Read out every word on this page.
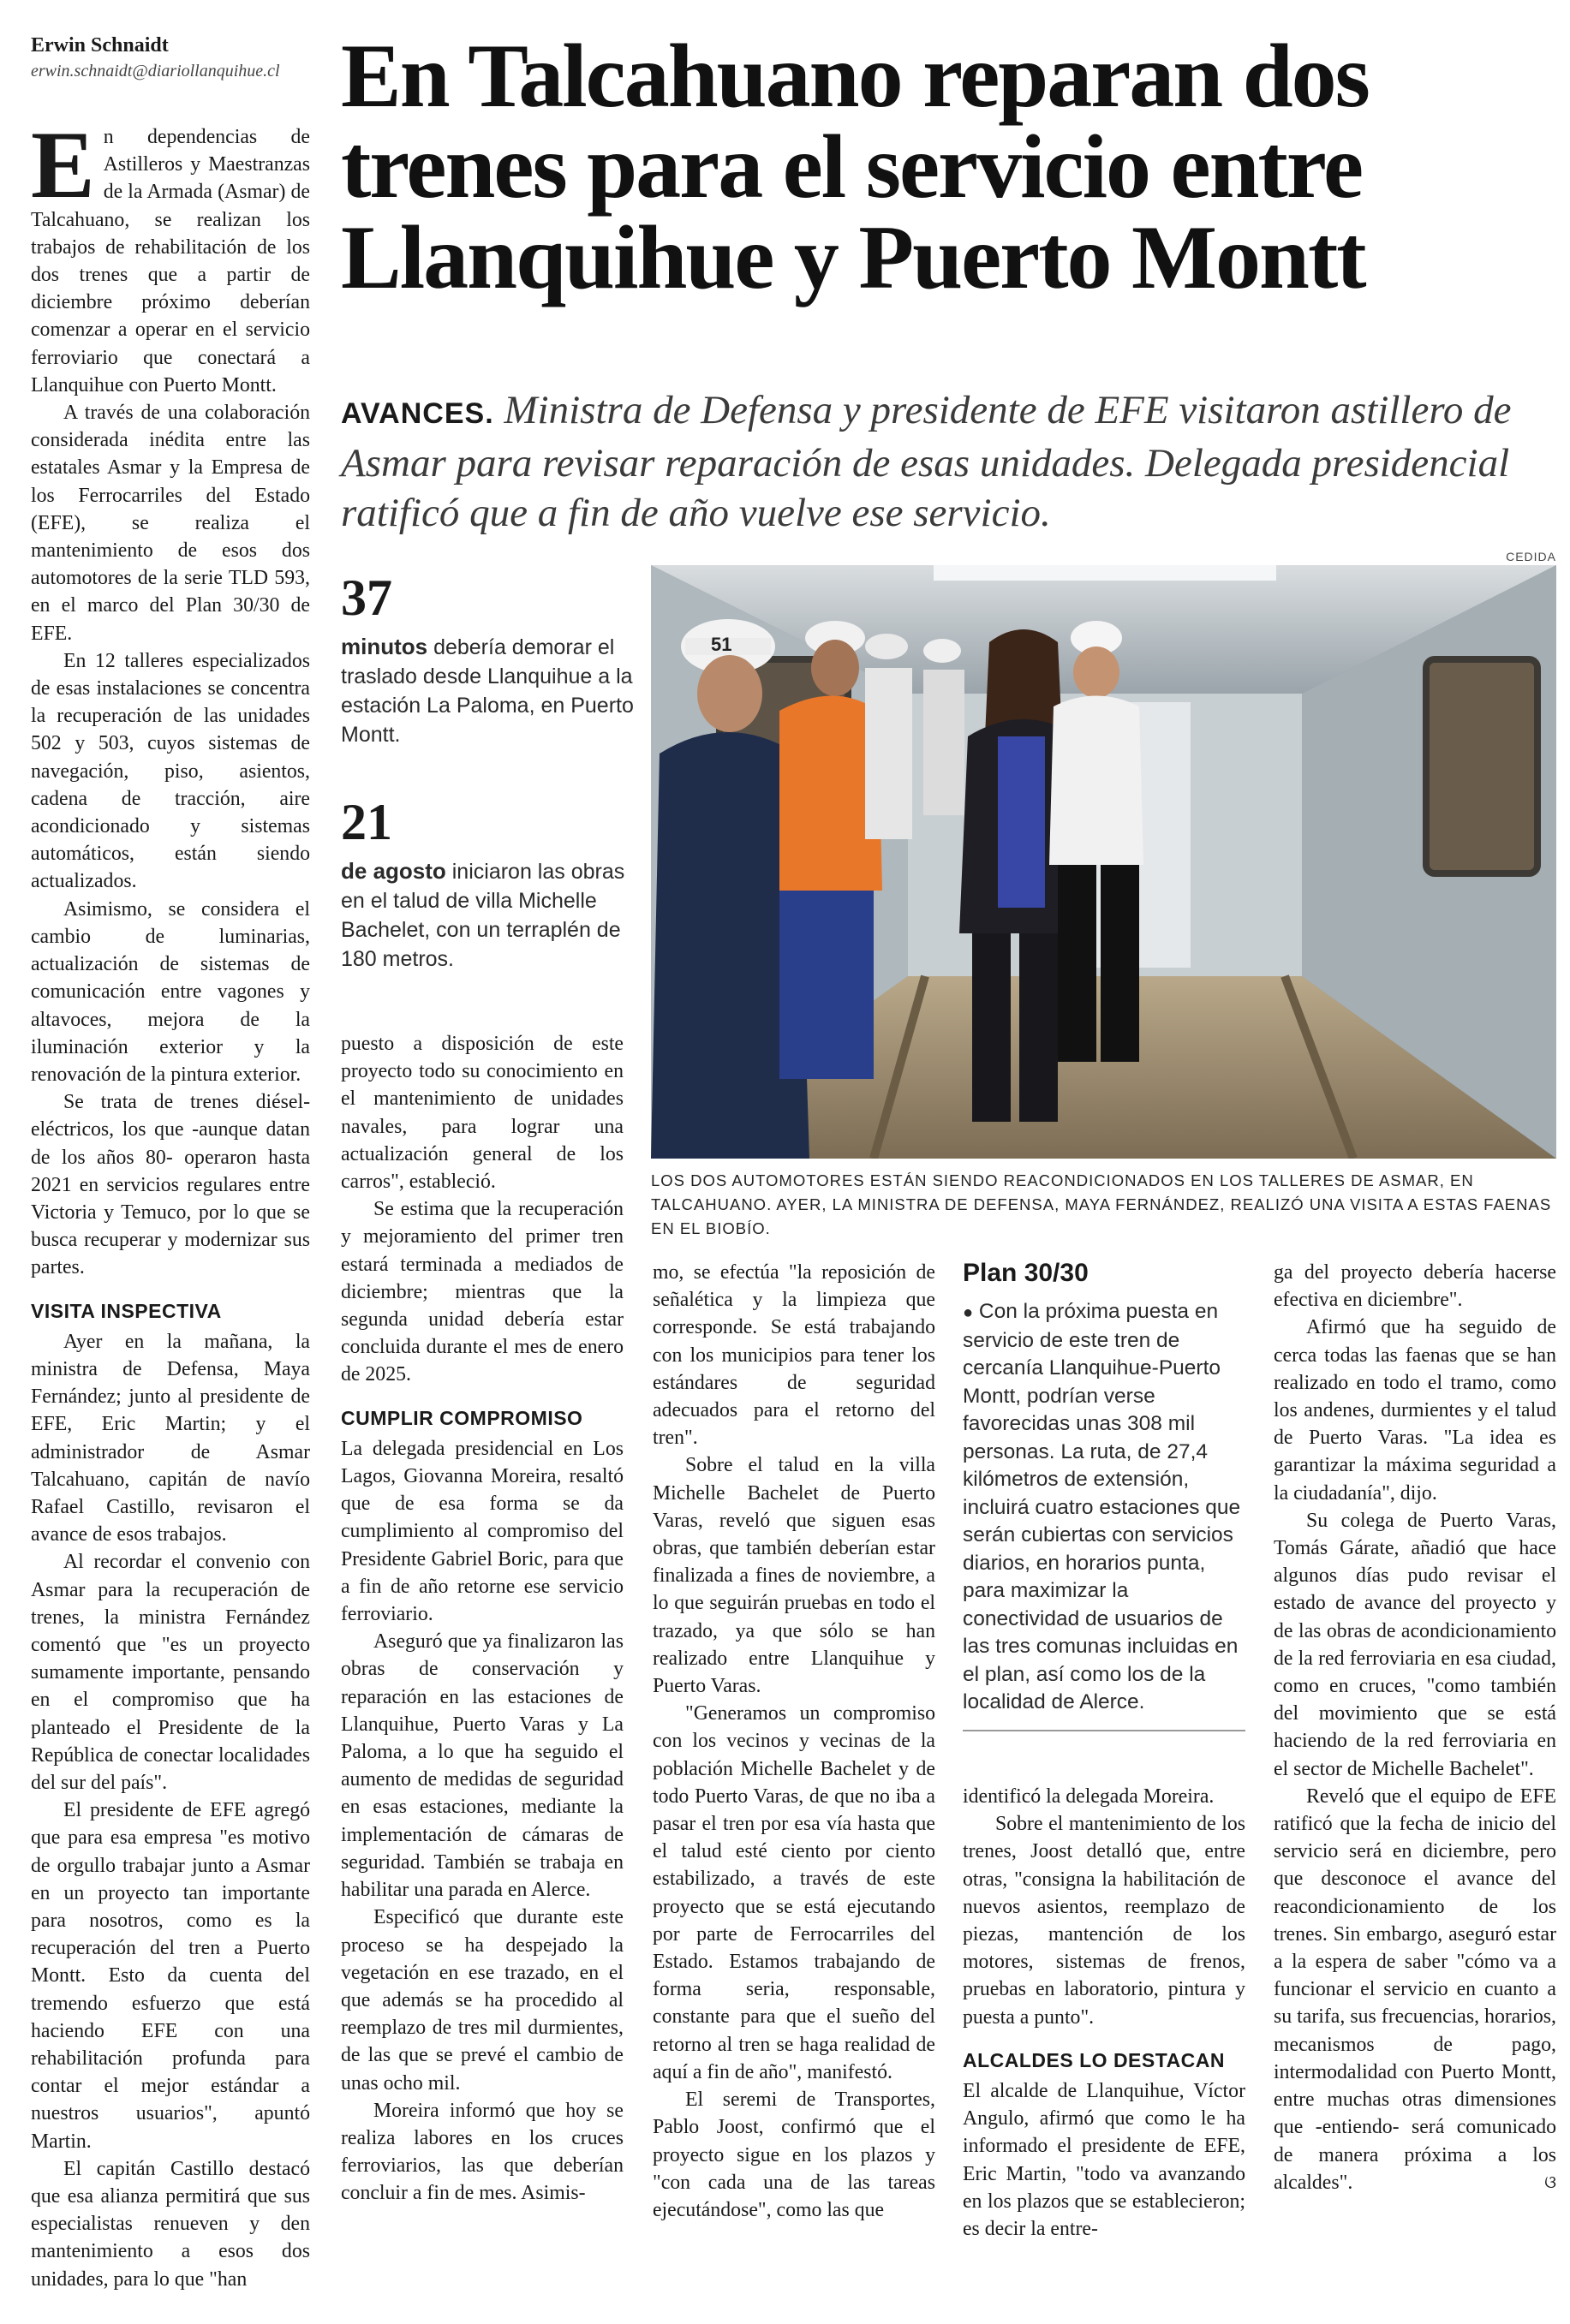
Erwin Schnaidt
erwin.schnaidt@diariollanquihue.cl En Talcahuano reparan dos trenes para el servicio entre Llanquihue y Puerto Montt
AVANCES. Ministra de Defensa y presidente de EFE visitaron astillero de Asmar para revisar reparación de esas unidades. Delegada presidencial ratificó que a fin de año vuelve ese servicio.
37
minutos debería demorar el traslado desde Llanquihue a la estación La Paloma, en Puerto Montt.
21
de agosto iniciaron las obras en el talud de villa Michelle Bachelet, con un terraplén de 180 metros.
CEDIDA
51
LOS DOS AUTOMOTORES ESTÁN SIENDO REACONDICIONADOS EN LOS TALLERES DE ASMAR, EN TALCAHUANO. AYER, LA MINISTRA DE DEFENSA, MAYA FERNÁNDEZ, REALIZÓ UNA VISITA A ESTAS FAENAS EN EL BIOBÍO.

En dependencias de Astilleros y Maestranzas de la Armada (Asmar) de Talcahuano, se realizan los trabajos de rehabilitación de los dos trenes que a partir de diciembre próximo deberían comenzar a operar en el servicio ferroviario que conectará a Llanquihue con Puerto Montt.

A través de una colaboración considerada inédita entre las estatales Asmar y la Empresa de los Ferrocarriles del Estado (EFE), se realiza el mantenimiento de esos dos automotores de la serie TLD 593, en el marco del Plan 30/30 de EFE.

En 12 talleres especializados de esas instalaciones se concentra la recuperación de las unidades 502 y 503, cuyos sistemas de navegación, piso, asientos, cadena de tracción, aire acondicionado y sistemas automáticos, están siendo actualizados.

Asimismo, se considera el cambio de luminarias, actualización de sistemas de comunicación entre vagones y altavoces, mejora de la iluminación exterior y la renovación de la pintura exterior.

Se trata de trenes diésel-eléctricos, los que -aunque datan de los años 80- operaron hasta 2021 en servicios regulares entre Victoria y Temuco, por lo que se busca recuperar y modernizar sus partes.

VISITA INSPECTIVA

Ayer en la mañana, la ministra de Defensa, Maya Fernández; junto al presidente de EFE, Eric Martin; y el administrador de Asmar Talcahuano, capitán de navío Rafael Castillo, revisaron el avance de esos trabajos.

Al recordar el convenio con Asmar para la recuperación de trenes, la ministra Fernández comentó que "es un proyecto sumamente importante, pensando en el compromiso que ha planteado el Presidente de la República de conectar localidades del sur del país".

El presidente de EFE agregó que para esa empresa "es motivo de orgullo trabajar junto a Asmar en un proyecto tan importante para nosotros, como es la recuperación del tren a Puerto Montt. Esto da cuenta del tremendo esfuerzo que está haciendo EFE con una rehabilitación profunda para contar el mejor estándar a nuestros usuarios", apuntó Martin.

El capitán Castillo destacó que esa alianza permitirá que sus especialistas renueven y den mantenimiento a esos dos unidades, para lo que "han

puesto a disposición de este proyecto todo su conocimiento en el mantenimiento de unidades navales, para lograr una actualización general de los carros", estableció.

Se estima que la recuperación y mejoramiento del primer tren estará terminada a mediados de diciembre; mientras que la segunda unidad debería estar concluida durante el mes de enero de 2025.

CUMPLIR COMPROMISO

La delegada presidencial en Los Lagos, Giovanna Moreira, resaltó que de esa forma se da cumplimiento al compromiso del Presidente Gabriel Boric, para que a fin de año retorne ese servicio ferroviario.

Aseguró que ya finalizaron las obras de conservación y reparación en las estaciones de Llanquihue, Puerto Varas y La Paloma, a lo que ha seguido el aumento de medidas de seguridad en esas estaciones, mediante la implementación de cámaras de seguridad. También se trabaja en habilitar una parada en Alerce.

Especificó que durante este proceso se ha despejado la vegetación en ese trazado, en el que además se ha procedido al reemplazo de tres mil durmientes, de las que se prevé el cambio de unas ocho mil.

Moreira informó que hoy se realiza labores en los cruces ferroviarios, las que deberían concluir a fin de mes. Asimis-

mo, se efectúa "la reposición de señalética y la limpieza que corresponde. Se está trabajando con los municipios para tener los estándares de seguridad adecuados para el retorno del tren".

Sobre el talud en la villa Michelle Bachelet de Puerto Varas, reveló que siguen esas obras, que también deberían estar finalizada a fines de noviembre, a lo que seguirán pruebas en todo el trazado, ya que sólo se han realizado entre Llanquihue y Puerto Varas.

"Generamos un compromiso con los vecinos y vecinas de la población Michelle Bachelet y de todo Puerto Varas, de que no iba a pasar el tren por esa vía hasta que el talud esté ciento por ciento estabilizado, a través de este proyecto que se está ejecutando por parte de Ferrocarriles del Estado. Estamos trabajando de forma seria, responsable, constante para que el sueño del retorno al tren se haga realidad de aquí a fin de año", manifestó.

El seremi de Transportes, Pablo Joost, confirmó que el proyecto sigue en los plazos y "con cada una de las tareas ejecutándose", como las que

Plan 30/30
● Con la próxima puesta en servicio de este tren de cercanía Llanquihue-Puerto Montt, podrían verse favorecidas unas 308 mil personas. La ruta, de 27,4 kilómetros de extensión, incluirá cuatro estaciones que serán cubiertas con servicios diarios, en horarios punta, para maximizar la conectividad de usuarios de las tres comunas incluidas en el plan, así como los de la localidad de Alerce.

identificó la delegada Moreira.

Sobre el mantenimiento de los trenes, Joost detalló que, entre otras, "consigna la habilitación de nuevos asientos, reemplazo de piezas, mantención de los motores, sistemas de frenos, pruebas en laboratorio, pintura y puesta a punto".

ALCALDES LO DESTACAN

El alcalde de Llanquihue, Víctor Angulo, afirmó que como le ha informado el presidente de EFE, Eric Martin, "todo va avanzando en los plazos que se establecieron; es decir la entre-

ga del proyecto debería hacerse efectiva en diciembre".

Afirmó que ha seguido de cerca todas las faenas que se han realizado en todo el tramo, como los andenes, durmientes y el talud de Puerto Varas. "La idea es garantizar la máxima seguridad a la ciudadanía", dijo.

Su colega de Puerto Varas, Tomás Gárate, añadió que hace algunos días pudo revisar el estado de avance del proyecto y de las obras de acondicionamiento de la red ferroviaria en esa ciudad, como en cruces, "como también del movimiento que se está haciendo de la red ferroviaria en el sector de Michelle Bachelet".

Reveló que el equipo de EFE ratificó que la fecha de inicio del servicio será en diciembre, pero que desconoce el avance del reacondicionamiento de los trenes. Sin embargo, aseguró estar a la espera de saber "cómo va a funcionar el servicio en cuanto a su tarifa, sus frecuencias, horarios, mecanismos de pago, intermodalidad con Puerto Montt, entre muchas otras dimensiones que -entiendo- será comunicado de manera próxima a los alcaldes".	ଓ
